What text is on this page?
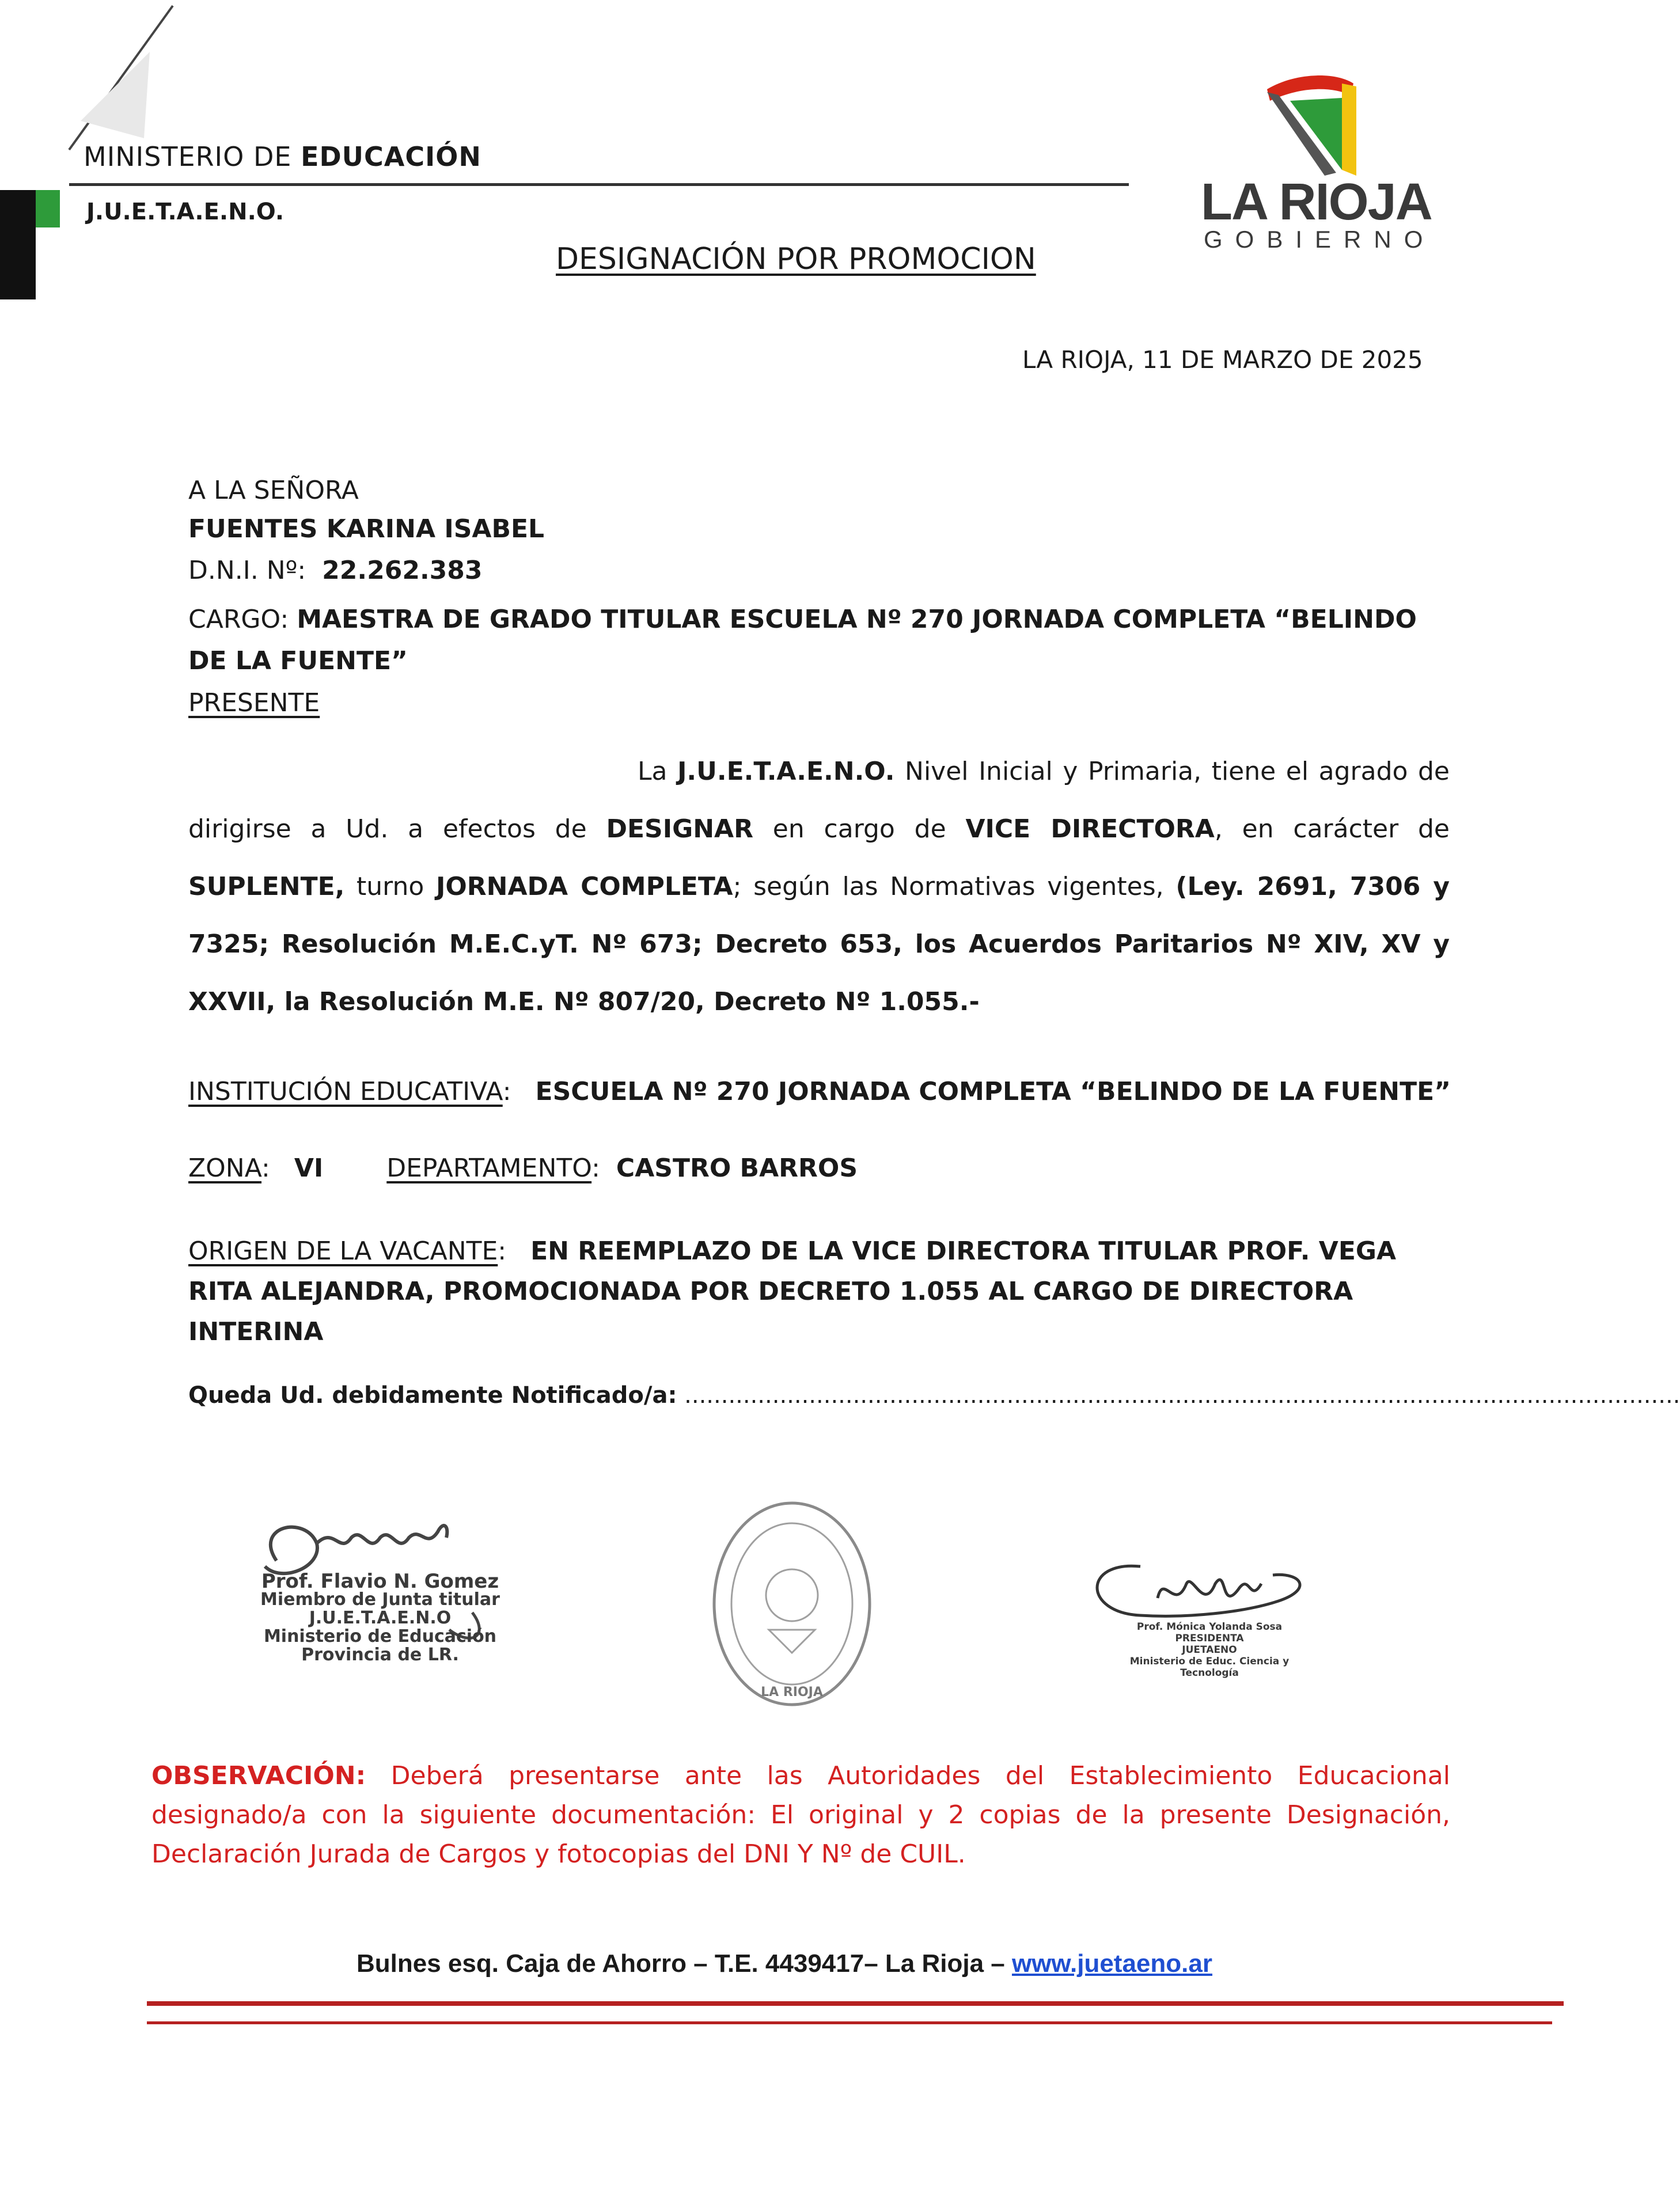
MINISTERIO DE EDUCACIÓN
J.U.E.T.A.E.N.O.	LA RIOJA
GOBIERNO
DESIGNACIÓN POR PROMOCION
LA RIOJA, 11 DE MARZO DE 2025
A LA SEÑORA
FUENTES KARINA ISABEL
D.N.I. Nº: 22.262.383
CARGO: MAESTRA DE GRADO TITULAR ESCUELA Nº 270 JORNADA COMPLETA “BELINDO DE LA FUENTE”
PRESENTE
La J.U.E.T.A.E.N.O. Nivel Inicial y Primaria, tiene el agrado de dirigirse a Ud. a efectos de DESIGNAR en cargo de VICE DIRECTORA, en carácter de SUPLENTE, turno JORNADA COMPLETA; según las Normativas vigentes, (Ley. 2691, 7306 y 7325; Resolución M.E.C.yT. Nº 673; Decreto 653, los Acuerdos Paritarios Nº XIV, XV y XXVII, la Resolución M.E. Nº 807/20, Decreto Nº 1.055.-
INSTITUCIÓN EDUCATIVA:   ESCUELA Nº 270 JORNADA COMPLETA “BELINDO DE LA FUENTE”
ZONA:   VI	DEPARTAMENTO:  CASTRO BARROS
ORIGEN DE LA VACANTE:   EN REEMPLAZO DE LA VICE DIRECTORA TITULAR PROF. VEGA RITA ALEJANDRA, PROMOCIONADA POR DECRETO 1.055 AL CARGO DE DIRECTORA INTERINA
Queda Ud. debidamente Notificado/a: ........................................................................................................................................
Prof. Flavio N. Gomez
Miembro de Junta titular
J.U.E.T.A.E.N.O
Ministerio de Educación
Provincia de LR.
LA RIOJA
Prof. Mónica Yolanda Sosa
PRESIDENTA
JUETAENO
Ministerio de Educ. Ciencia y Tecnología
OBSERVACIÓN: Deberá presentarse ante las Autoridades del Establecimiento Educacional designado/a con la siguiente documentación: El original y 2 copias de la presente Designación, Declaración Jurada de Cargos y fotocopias del DNI Y Nº de CUIL.
Bulnes esq. Caja de Ahorro – T.E. 4439417– La Rioja – www.juetaeno.ar
